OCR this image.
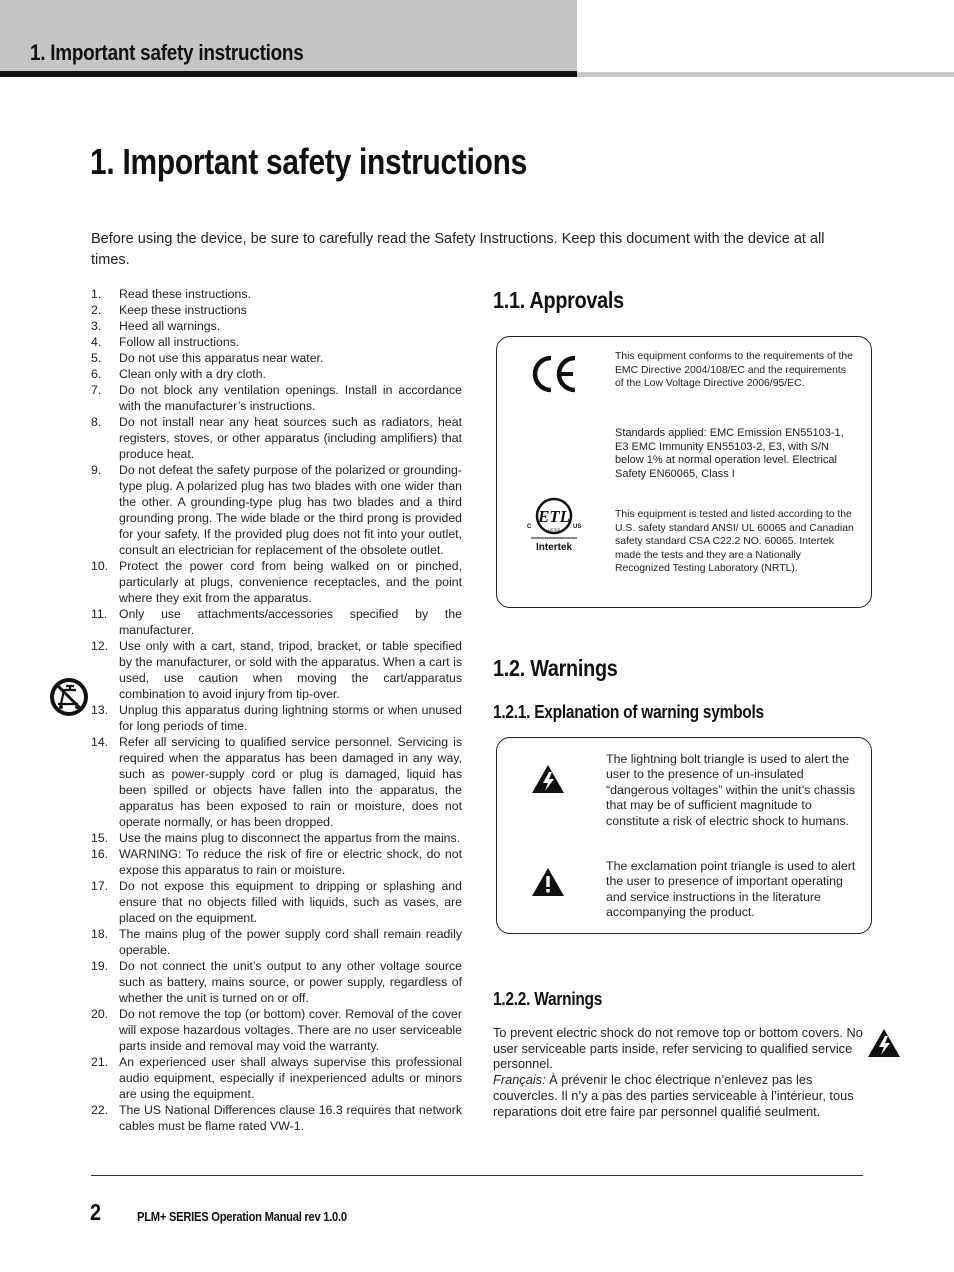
1. Important safety instructions
1. Important safety instructions

Before using the device, be sure to carefully read the Safety Instructions. Keep this document with the device at all times.

1.	Read these instructions.
2.	Keep these instructions
3.	Heed all warnings.
4.	Follow all instructions.
5.	Do not use this apparatus near water.
6.	Clean only with a dry cloth.
7.	Do not block any ventilation openings. Install in accordance with the manufacturer’s instructions.
8.	Do not install near any heat sources such as radiators, heat registers, stoves, or other apparatus (including amplifiers) that produce heat.
9.	Do not defeat the safety purpose of the polarized or grounding-type plug. A polarized plug has two blades with one wider than the other. A grounding-type plug has two blades and a third grounding prong. The wide blade or the third prong is provided for your safety. If the provided plug does not fit into your outlet, consult an electrician for replacement of the obsolete outlet.
10. Protect the power cord from being walked on or pinched, particularly at plugs, convenience receptacles, and the point where they exit from the apparatus.
11. Only use attachments/accessories specified by the manufacturer.
12. Use only with a cart, stand, tripod, bracket, or table specified by the manufacturer, or sold with the apparatus. When a cart is used, use caution when moving the cart/apparatus combination to avoid injury from tip-over.
13. Unplug this apparatus during lightning storms or when unused for long periods of time.
14. Refer all servicing to qualified service personnel. Servicing is required when the apparatus has been damaged in any way, such as power-supply cord or plug is damaged, liquid has been spilled or objects have fallen into the apparatus, the apparatus has been exposed to rain or moisture, does not operate normally, or has been dropped.
15. Use the mains plug to disconnect the appartus from the mains.
16. WARNING: To reduce the risk of fire or electric shock, do not expose this apparatus to rain or moisture.
17. Do not expose this equipment to dripping or splashing and ensure that no objects filled with liquids, such as vases, are placed on the equipment.
18. The mains plug of the power supply cord shall remain readily operable.
19. Do not connect the unit’s output to any other voltage source such as battery, mains source, or power supply, regardless of whether the unit is turned on or off.
20. Do not remove the top (or bottom) cover. Removal of the cover will expose hazardous voltages. There are no user serviceable parts inside and removal may void the warranty.
21. An experienced user shall always supervise this professional audio equipment, especially if inexperienced adults or minors are using the equipment.
22. The US National Differences clause 16.3 requires that network cables must be flame rated VW-1.
1.1. Approvals

This equipment conforms to the requirements of the EMC Directive 2004/108/EC and the requirements of the Low Voltage Directive 2006/95/EC.

Standards applied: EMC Emission EN55103-1, E3 EMC Immunity EN55103-2, E3, with S/N below 1% at normal operation level. Electrical Safety EN60065, Class I

ETL
C	US
LISTED
Intertek

This equipment is tested and listed according to the U.S. safety standard ANSI/ UL 60065 and Canadian safety standard CSA C22.2 NO. 60065. Intertek made the tests and they are a Nationally Recognized Testing Laboratory (NRTL).

1.2. Warnings
1.2.1. Explanation of warning symbols

The lightning bolt triangle is used to alert the user to the presence of un-insulated “dangerous voltages” within the unit’s chassis that may be of sufficient magnitude to constitute a risk of electric shock to humans.

The exclamation point triangle is used to alert the user to presence of important operating and service instructions in the literature accompanying the product.

1.2.2. Warnings

To prevent electric shock do not remove top or bottom covers. No user serviceable parts inside, refer servicing to qualified service personnel.
Français: À prévenir le choc électrique n’enlevez pas les couvercles. Il n’y a pas des parties serviceable à l’intérieur, tous reparations doit etre faire par personnel qualifié seulment.

2	PLM+ SERIES Operation Manual rev 1.0.0
